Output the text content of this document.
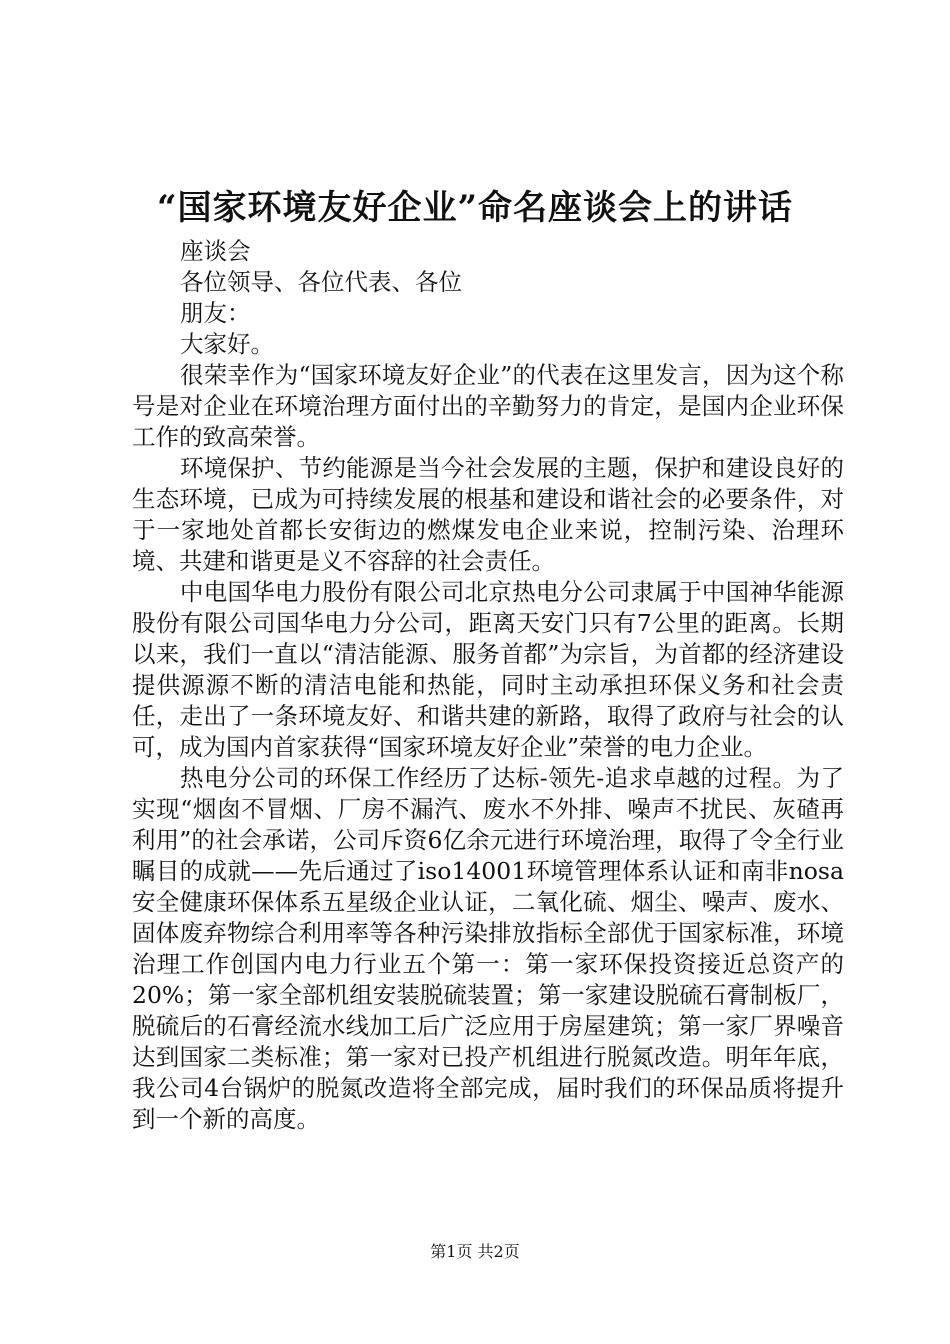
“国家环境友好企业”命名座谈会上的讲话

座谈会

各位领导、各位代表、各位

朋友：

大家好。

很荣幸作为“国家环境友好企业”的代表在这里发言，因为这个称号是对企业在环境治理方面付出的辛勤努力的肯定，是国内企业环保工作的致高荣誉。

环境保护、节约能源是当今社会发展的主题，保护和建设良好的生态环境，已成为可持续发展的根基和建设和谐社会的必要条件，对于一家地处首都长安街边的燃煤发电企业来说，控制污染、治理环境、共建和谐更是义不容辞的社会责任。

中电国华电力股份有限公司北京热电分公司隶属于中国神华能源股份有限公司国华电力分公司，距离天安门只有7公里的距离。长期以来，我们一直以“清洁能源、服务首都”为宗旨，为首都的经济建设提供源源不断的清洁电能和热能，同时主动承担环保义务和社会责任，走出了一条环境友好、和谐共建的新路，取得了政府与社会的认可，成为国内首家获得“国家环境友好企业”荣誉的电力企业。

热电分公司的环保工作经历了达标-领先-追求卓越的过程。为了实现“烟囱不冒烟、厂房不漏汽、废水不外排、噪声不扰民、灰碴再利用”的社会承诺，公司斥资6亿余元进行环境治理，取得了令全行业瞩目的成就——先后通过了iso14001环境管理体系认证和南非nosa安全健康环保体系五星级企业认证，二氧化硫、烟尘、噪声、废水、固体废弃物综合利用率等各种污染排放指标全部优于国家标准，环境治理工作创国内电力行业五个第一：第一家环保投资接近总资产的20%；第一家全部机组安装脱硫装置；第一家建设脱硫石膏制板厂，脱硫后的石膏经流水线加工后广泛应用于房屋建筑；第一家厂界噪音达到国家二类标准；第一家对已投产机组进行脱氮改造。明年年底，我公司4台锅炉的脱氮改造将全部完成，届时我们的环保品质将提升到一个新的高度。

第1页 共2页
